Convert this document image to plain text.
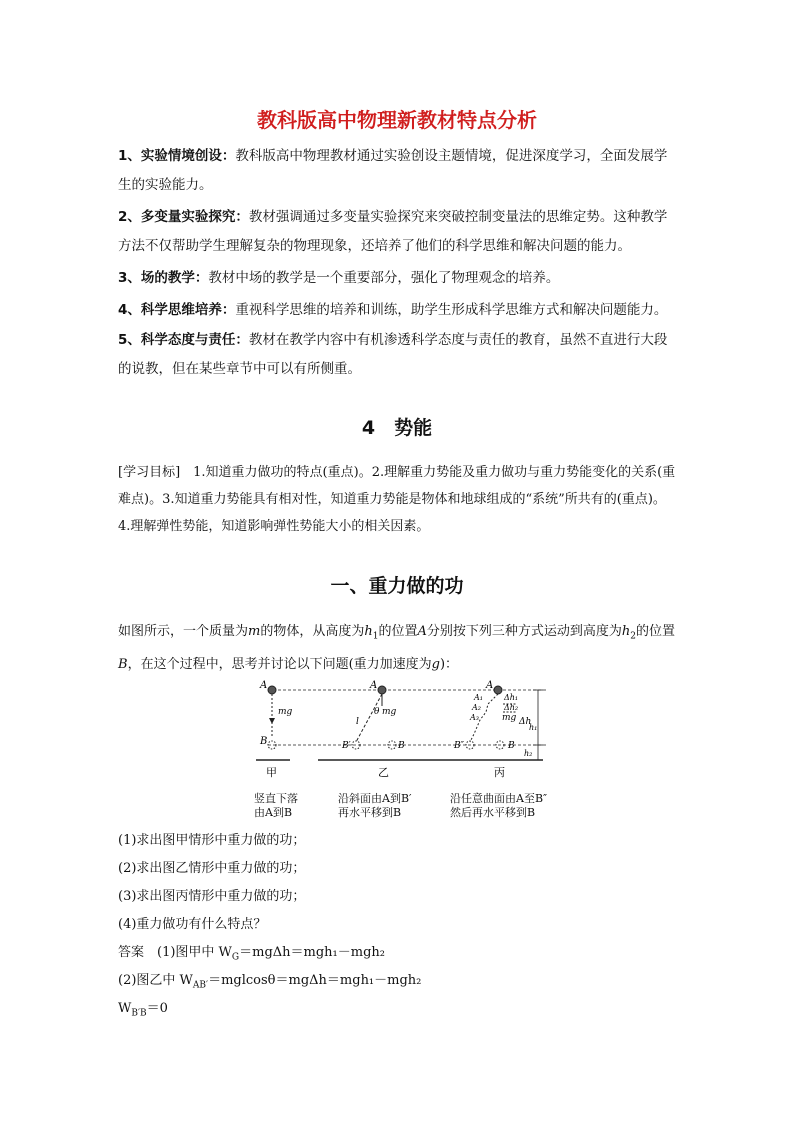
教科版高中物理新教材特点分析
1、实验情境创设：教科版高中物理教材通过实验创设主题情境，促进深度学习，全面发展学生的实验能力。
2、多变量实验探究：教材强调通过多变量实验探究来突破控制变量法的思维定势。这种教学方法不仅帮助学生理解复杂的物理现象，还培养了他们的科学思维和解决问题的能力。
3、场的教学：教材中场的教学是一个重要部分，强化了物理观念的培养。
4、科学思维培养：重视科学思维的培养和训练，助学生形成科学思维方式和解决问题能力。
5、科学态度与责任：教材在教学内容中有机渗透科学态度与责任的教育，虽然不直进行大段的说教，但在某些章节中可以有所侧重。
4　势能
[学习目标]　1.知道重力做功的特点(重点)。2.理解重力势能及重力做功与重力势能变化的关系(重难点)。3.知道重力势能具有相对性，知道重力势能是物体和地球组成的“系统”所共有的(重点)。4.理解弹性势能，知道影响弹性势能大小的相关因素。
一、重力做的功
如图所示，一个质量为m的物体，从高度为$h_1$的位置A分别按下列三种方式运动到高度为$h_2$的位置B，在这个过程中，思考并讨论以下问题(重力加速度为g)：
A
B
mg
甲
A
θ mg
l
B′	B
乙
A
A₁
A₂
A₃
Δh₁
Δh₂
mg Δh
h₁
h₂
B″	B
丙
竖直下落
由A到B
沿斜面由A到B′
再水平移到B
沿任意曲面由A至B″
然后再水平移到B
(1)求出图甲情形中重力做的功；
(2)求出图乙情形中重力做的功；
(3)求出图丙情形中重力做的功；
(4)重力做功有什么特点？
答案　(1)图甲中 $W_G=mg\Delta h=mgh_1-mgh_2$
(2)图乙中 $W_{AB'}=mglcos\theta=mg\Delta h=mgh_1-mgh_2$
$W_{B'B}=0$
